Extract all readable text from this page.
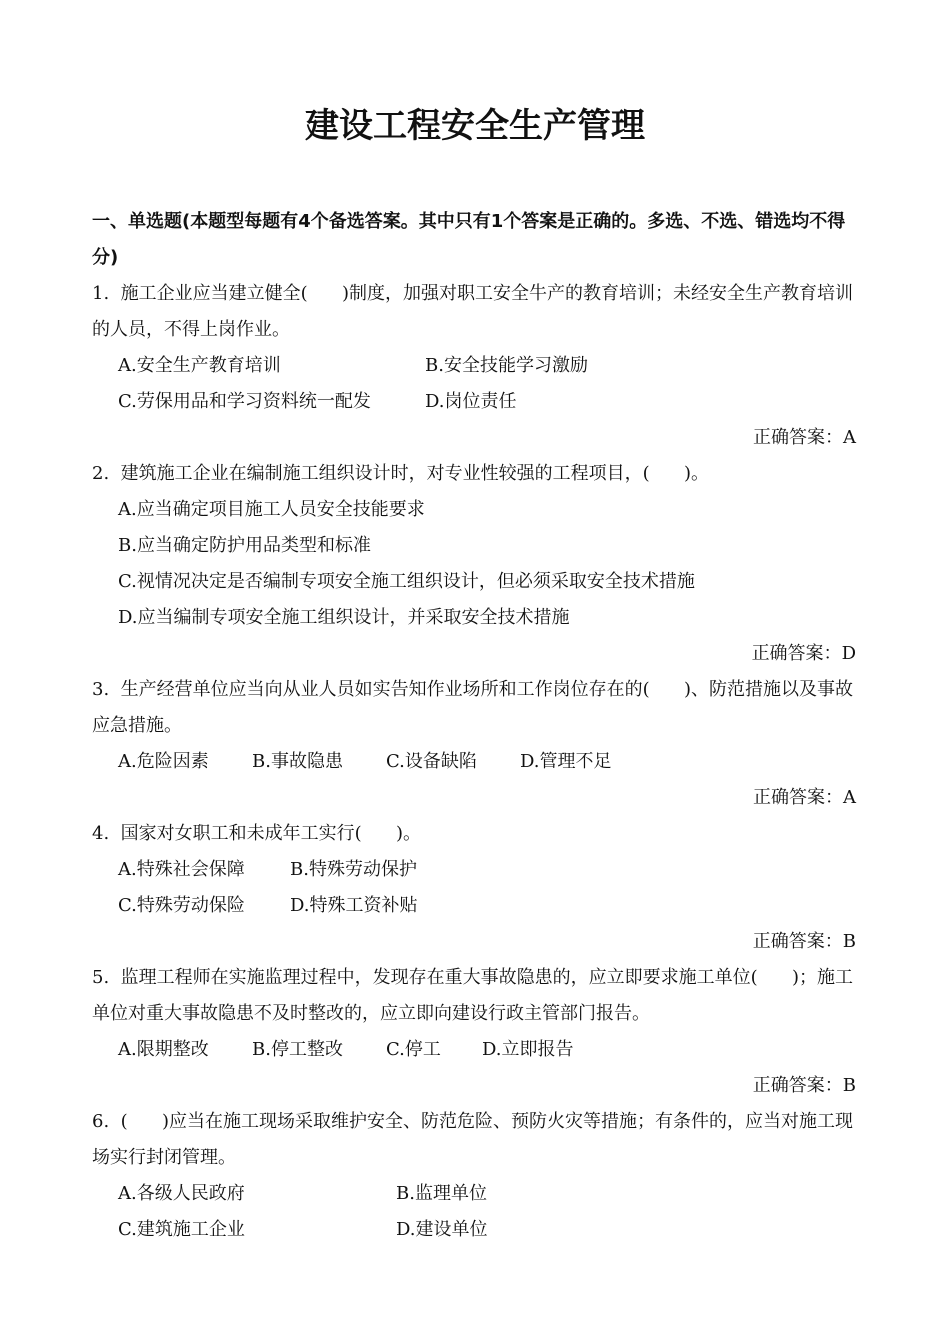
建设工程安全生产管理
一、单选题(本题型每题有4个备选答案。其中只有1个答案是正确的。多选、不选、错选均不得分)
1.  施工企业应当建立健全(      )制度，加强对职工安全牛产的教育培训；未经安全生产教育培训的人员，不得上岗作业。
A.安全生产教育培训	B.安全技能学习激励
C.劳保用品和学习资料统一配发	D.岗位责任
正确答案：A
2.  建筑施工企业在编制施工组织设计时，对专业性较强的工程项目，(      )。
A.应当确定项目施工人员安全技能要求
B.应当确定防护用品类型和标准
C.视情况决定是否编制专项安全施工组织设计，但必须采取安全技术措施
D.应当编制专项安全施工组织设计，并采取安全技术措施
正确答案：D
3.  生产经营单位应当向从业人员如实告知作业场所和工作岗位存在的(      )、防范措施以及事故应急措施。
A.危险因素	B.事故隐患	C.设备缺陷	D.管理不足
正确答案：A
4.  国家对女职工和未成年工实行(      )。
A.特殊社会保障	B.特殊劳动保护
C.特殊劳动保险	D.特殊工资补贴
正确答案：B
5.  监理工程师在实施监理过程中，发现存在重大事故隐患的，应立即要求施工单位(      )；施工单位对重大事故隐患不及时整改的，应立即向建设行政主管部门报告。
A.限期整改	B.停工整改	C.停工	D.立即报告
正确答案：B
6.  (      )应当在施工现场采取维护安全、防范危险、预防火灾等措施；有条件的，应当对施工现场实行封闭管理。
A.各级人民政府	B.监理单位
C.建筑施工企业	D.建设单位
